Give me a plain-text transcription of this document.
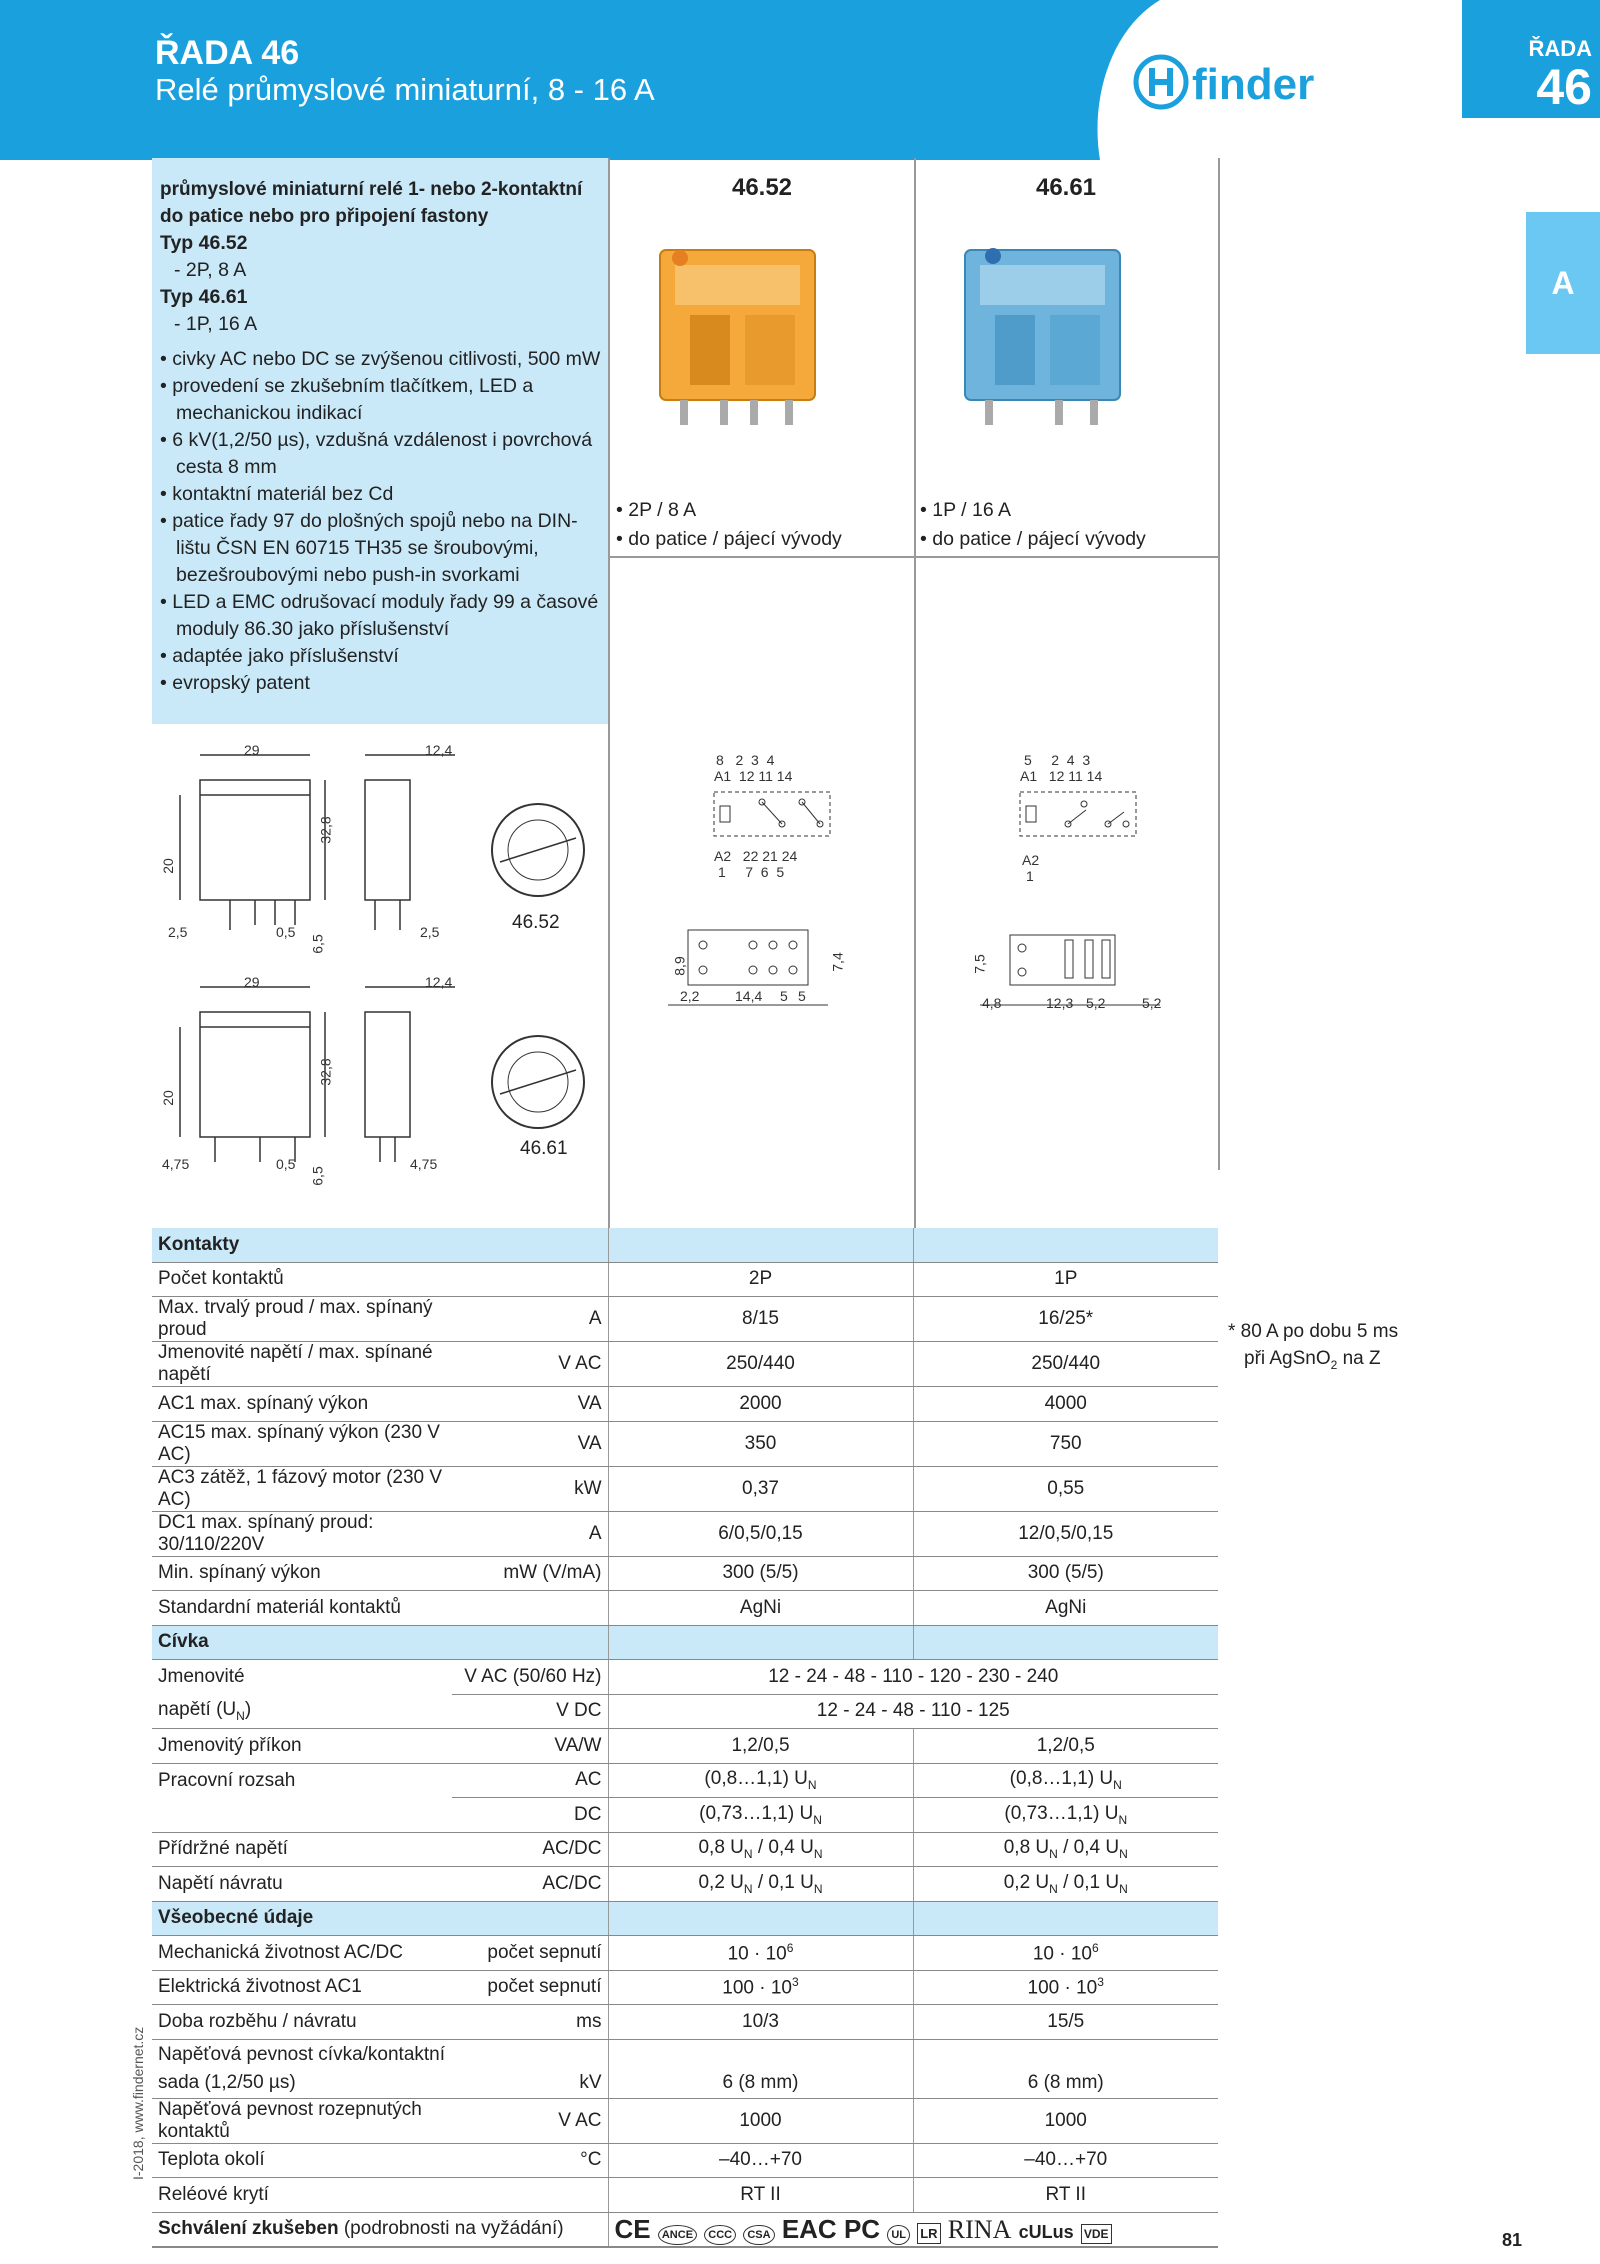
ŘADA 46
Relé průmyslové miniaturní, 8 - 16 A	finder
ŘADA
46
A
průmyslové miniaturní relé 1- nebo 2-kontaktní do patice nebo pro připojení fastony
Typ 46.52
- 2P, 8 A
Typ 46.61
- 1P, 16 A
• civky AC nebo DC se zvýšenou citlivosti, 500 mW
• provedení se zkušebním tlačítkem, LED a mechanickou indikací
• 6 kV(1,2/50 µs), vzdušná vzdálenost i povrchová cesta 8 mm
• kontaktní materiál bez Cd
• patice řady 97 do plošných spojů nebo na DIN-lištu ČSN EN 60715 TH35 se šroubovými, bezešroubovými nebo push-in svorkami
• LED a EMC odrušovací moduly řady 99 a časové moduly 86.30 jako příslušenství
• adaptée jako příslušenství
• evropský patent
46.52	46.61
• 2P / 8 A
• do patice / pájecí vývody
• 1P / 16 A
• do patice / pájecí vývody
29	12,4
32,8
20
2,5	0,5	2,5
6,5
46.52
29	12,4
32,8
20
4,75	0,5	4,75
6,5
46.61
8   2  3  4
A1  12 11 14
A2   22 21 24
1     7  6  5
5     2  4  3
A1   12 11 14
A2
1
8,9	7,4
2,2	14,4 5 5
7,5
4,8	12,3 5,2	5,2
Kontakty			
Počet kontaktů		2P	1P
Max. trvalý proud / max. spínaný proud	A	8/15	16/25*
Jmenovité napětí / max. spínané napětí	V AC	250/440	250/440
AC1 max. spínaný výkon	VA	2000	4000
AC15 max. spínaný výkon (230 V AC)	VA	350	750
AC3 zátěž, 1 fázový motor (230 V AC)	kW	0,37	0,55
DC1 max. spínaný proud: 30/110/220V	A	6/0,5/0,15	12/0,5/0,15
Min. spínaný výkon	mW (V/mA)	300 (5/5)	300 (5/5)
Standardní materiál kontaktů		AgNi	AgNi
Cívka			
Jmenovité	V AC (50/60 Hz)	12 - 24 - 48 - 110 - 120 - 230 - 240	
napětí $(U_N)$	V DC	12 - 24 - 48 - 110 - 125	
Jmenovitý příkon	VA/W	1,2/0,5	1,2/0,5
Pracovní rozsah	AC	(0,8…1,1) $U_N$	(0,8…1,1) $U_N$
	DC	(0,73…1,1) $U_N$	(0,73…1,1) $U_N$
Přídržné napětí	AC/DC	0,8 $U_N / 0,4$ $U_N$	0,8 $U_N / 0,4$ $U_N$
Napětí návratu	AC/DC	0,2 $U_N / 0,1$ $U_N$	0,2 $U_N / 0,1$ $U_N$
Všeobecné údaje			
Mechanická životnost AC/DC	počet sepnutí	$10 \cdot 10^6$	$10 \cdot 10^6$
Elektrická životnost AC1	počet sepnutí	$100 \cdot 10^3$	$100 \cdot 10^3$
Doba rozběhu / návratu	ms	10/3	15/5
Napěťová pevnost cívka/kontaktní sada (1,2/50 µs)	kV	6 (8 mm)	6 (8 mm)
Napěťová pevnost rozepnutých kontaktů	V AC	1000	1000
Teplota okolí	°C	–40…+70	–40…+70
Reléové krytí		RT II	RT II
Schválení zkušeben (podrobnosti na vyžádání)		CE ANCE CCC CSA EAC PC UL LR RINA cULus VDE	
* 80 A po dobu 5 ms
při AgSnO$_2$ na Z
I-2018, www.findernet.cz
81
